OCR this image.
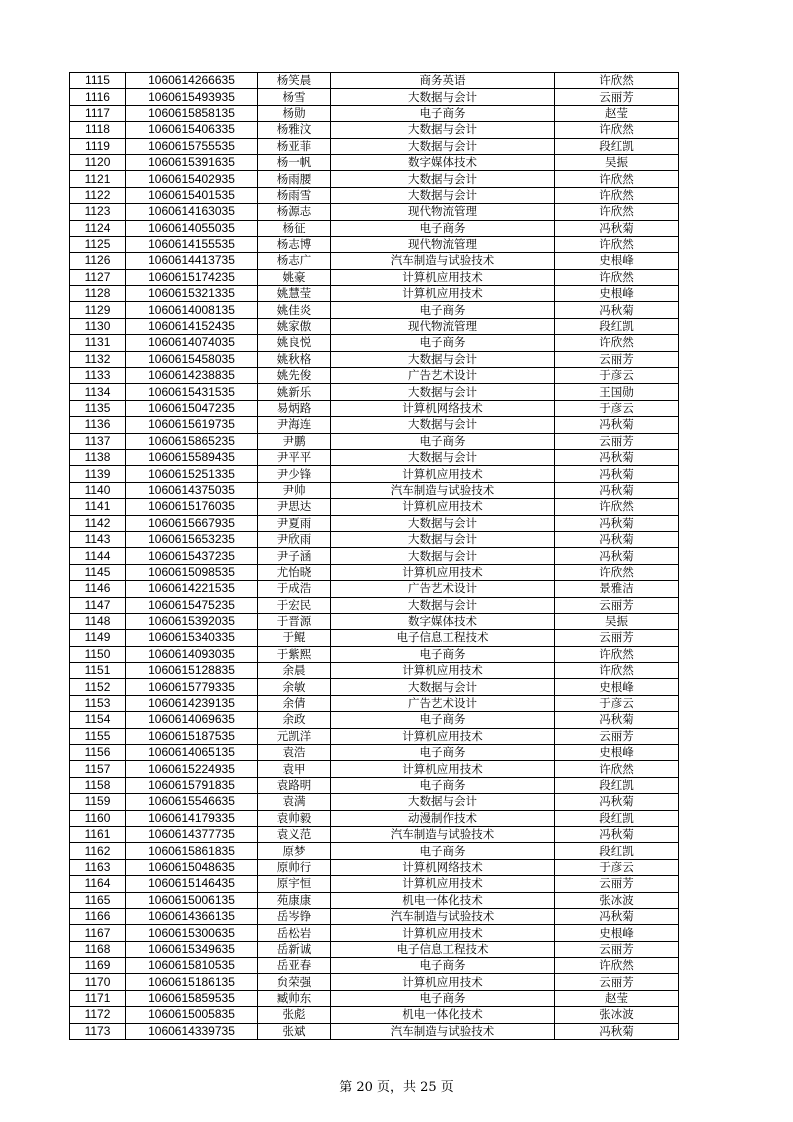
1115	1060614266635	杨笑晨	商务英语	许欣然
1116	1060615493935	杨雪	大数据与会计	云丽芳
1117	1060615858135	杨勋	电子商务	赵莹
1118	1060615406335	杨雅汶	大数据与会计	许欣然
1119	1060615755535	杨亚菲	大数据与会计	段红凯
1120	1060615391635	杨一帆	数字媒体技术	吴振
1121	1060615402935	杨雨腰	大数据与会计	许欣然
1122	1060615401535	杨雨雪	大数据与会计	许欣然
1123	1060614163035	杨源志	现代物流管理	许欣然
1124	1060614055035	杨征	电子商务	冯秋菊
1125	1060614155535	杨志博	现代物流管理	许欣然
1126	1060614413735	杨志广	汽车制造与试验技术	史根峰
1127	1060615174235	姚豪	计算机应用技术	许欣然
1128	1060615321335	姚慧莹	计算机应用技术	史根峰
1129	1060614008135	姚佳炎	电子商务	冯秋菊
1130	1060614152435	姚家傲	现代物流管理	段红凯
1131	1060614074035	姚良悦	电子商务	许欣然
1132	1060615458035	姚秋格	大数据与会计	云丽芳
1133	1060614238835	姚先俊	广告艺术设计	于彦云
1134	1060615431535	姚新乐	大数据与会计	王国勋
1135	1060615047235	易炳路	计算机网络技术	于彦云
1136	1060615619735	尹海连	大数据与会计	冯秋菊
1137	1060615865235	尹鹏	电子商务	云丽芳
1138	1060615589435	尹平平	大数据与会计	冯秋菊
1139	1060615251335	尹少锋	计算机应用技术	冯秋菊
1140	1060614375035	尹帅	汽车制造与试验技术	冯秋菊
1141	1060615176035	尹思达	计算机应用技术	许欣然
1142	1060615667935	尹夏雨	大数据与会计	冯秋菊
1143	1060615653235	尹欣雨	大数据与会计	冯秋菊
1144	1060615437235	尹子涵	大数据与会计	冯秋菊
1145	1060615098535	尤怡晓	计算机应用技术	许欣然
1146	1060614221535	于成浩	广告艺术设计	景雅洁
1147	1060615475235	于宏民	大数据与会计	云丽芳
1148	1060615392035	于晋源	数字媒体技术	吴振
1149	1060615340335	于鲲	电子信息工程技术	云丽芳
1150	1060614093035	于紫熙	电子商务	许欣然
1151	1060615128835	余晨	计算机应用技术	许欣然
1152	1060615779335	余敏	大数据与会计	史根峰
1153	1060614239135	余倩	广告艺术设计	于彦云
1154	1060614069635	余政	电子商务	冯秋菊
1155	1060615187535	元凯洋	计算机应用技术	云丽芳
1156	1060614065135	袁浩	电子商务	史根峰
1157	1060615224935	袁甲	计算机应用技术	许欣然
1158	1060615791835	袁路明	电子商务	段红凯
1159	1060615546635	袁满	大数据与会计	冯秋菊
1160	1060614179335	袁帅毅	动漫制作技术	段红凯
1161	1060614377735	袁义范	汽车制造与试验技术	冯秋菊
1162	1060615861835	原梦	电子商务	段红凯
1163	1060615048635	原帅行	计算机网络技术	于彦云
1164	1060615146435	原宇恒	计算机应用技术	云丽芳
1165	1060615006135	苑康康	机电一体化技术	张冰波
1166	1060614366135	岳岑铮	汽车制造与试验技术	冯秋菊
1167	1060615300635	岳松岩	计算机应用技术	史根峰
1168	1060615349635	岳新诚	电子信息工程技术	云丽芳
1169	1060615810535	岳亚春	电子商务	许欣然
1170	1060615186135	贠荣强	计算机应用技术	云丽芳
1171	1060615859535	臧帅东	电子商务	赵莹
1172	1060615005835	张彪	机电一体化技术	张冰波
1173	1060614339735	张斌	汽车制造与试验技术	冯秋菊
第 20 页，共 25 页
